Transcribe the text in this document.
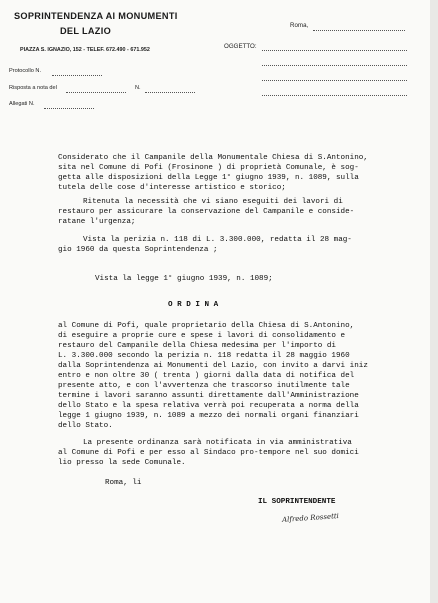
SOPRINTENDENZA AI MONUMENTI
DEL LAZIO
PIAZZA S. IGNAZIO, 152 - TELEF. 672.490 - 671.952
Roma,
OGGETTO:
Protocollo N.
Risposta a nota del	N.
Allegati N.
Considerato che il Campanile della Monumentale Chiesa di S.Antonino,
sita nel Comune di Pofi (Frosinone ) di proprietà Comunale, è sog-
getta alle disposizioni della Legge 1° giugno 1939, n. 1089, sulla
tutela delle cose d'interesse artistico e storico;
Ritenuta la necessità che vi siano eseguiti dei lavori di
restauro per assicurare la conservazione del Campanile e conside-
ratane l'urgenza;
Vista la perizia n. 118 di L. 3.300.000, redatta il 28 mag-
gio 1960 da questa Soprintendenza ;
Vista la legge 1° giugno 1939, n. 1089;
O R D I N A
al Comune di Pofi, quale proprietario della Chiesa di S.Antonino,
di eseguire a proprie cure e spese i lavori di consolidamento e
restauro del Campanile della Chiesa medesima per l'importo di
L. 3.300.000 secondo la perizia n. 118 redatta il 28 maggio 1960
dalla Soprintendenza ai Monumenti del Lazio, con invito a darvi iniz
entro e non oltre 30 ( trenta ) giorni dalla data di notifica del
presente atto, e con l'avvertenza che trascorso inutilmente tale
termine i lavori saranno assunti direttamente dall'Amministrazione
dello Stato e la spesa relativa verrà poi recuperata a norma della
legge 1 giugno 1939, n. 1089 a mezzo dei normali organi finanziari
dello Stato.
La presente ordinanza sarà notificata in via amministrativa
al Comune di Pofi e per esso al Sindaco pro-tempore nel suo domici
lio presso la sede Comunale.
Roma, li
IL SOPRINTENDENTE
Alfredo Rossetti
